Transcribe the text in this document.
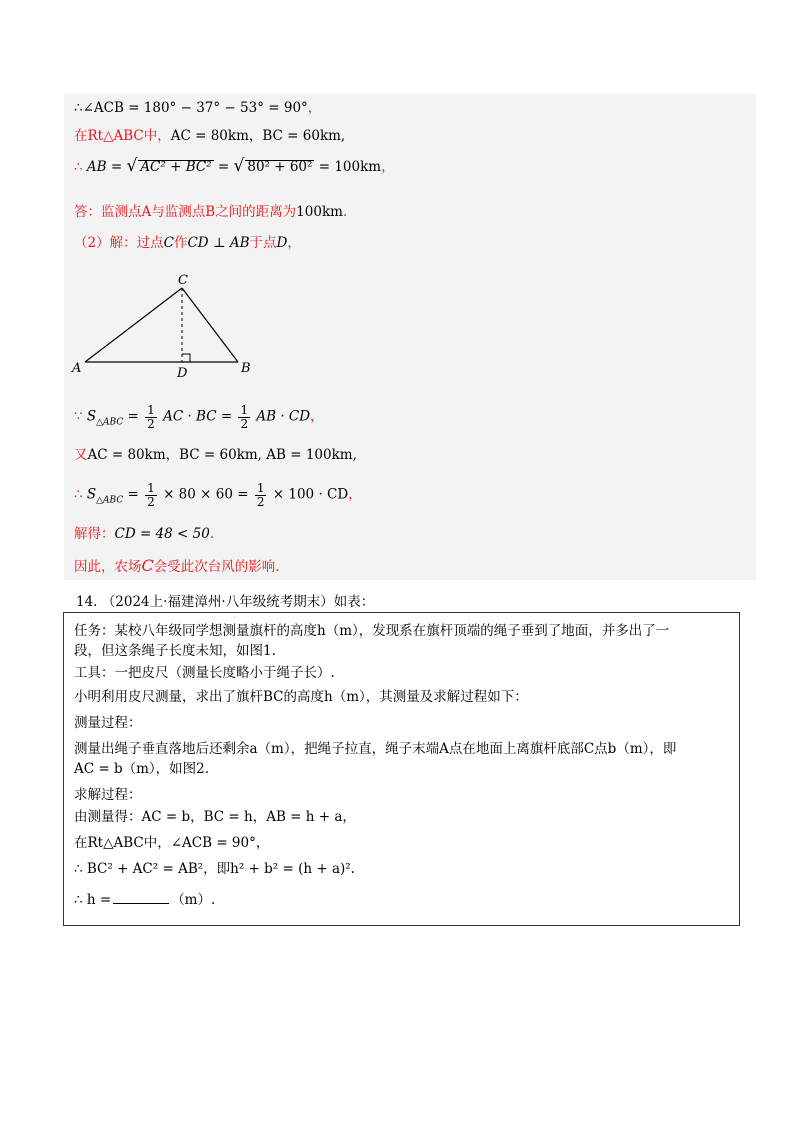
∴∠ACB = 180° − 37° − 53° = 90°，
在Rt△ABC中，AC = 80km，BC = 60km,
∴ AB = √ AC² + BC² = √ 80² + 60² = 100km，
答：监测点A与监测点B之间的距离为100km.
（2）解：过点C作CD ⊥ AB于点D，
A	B
C
D
∵ $S_{\triangle ABC} = \frac{1}{2}$ AC · BC = $\frac{1}{2}$ AB · CD，
又AC = 80km，BC = 60km, AB = 100km,
∴ $S_{\triangle ABC} = \frac{1}{2} \times 80 \times 60 = \frac{1}{2} \times 100$ · CD，
解得：CD = 48 < 50.
因此，农场C会受此次台风的影响.
14. （2024上·福建漳州·八年级统考期末）如表：
任务：某校八年级同学想测量旗杆的高度h（m），发现系在旗杆顶端的绳子垂到了地面，并多出了一
段，但这条绳子长度未知，如图1.
工具：一把皮尺（测量长度略小于绳子长）.
小明利用皮尺测量，求出了旗杆BC的高度h（m），其测量及求解过程如下：
测量过程：
测量出绳子垂直落地后还剩余a（m），把绳子拉直，绳子末端A点在地面上离旗杆底部C点b（m），即
AC = b（m），如图2.
求解过程：
由测量得：AC = b，BC = h，AB = h + a，
在Rt△ABC中，∠ACB = 90°，
∴ BC² + AC² = AB²，即h² + b² = (h + a)².
∴ h =	（m）.
